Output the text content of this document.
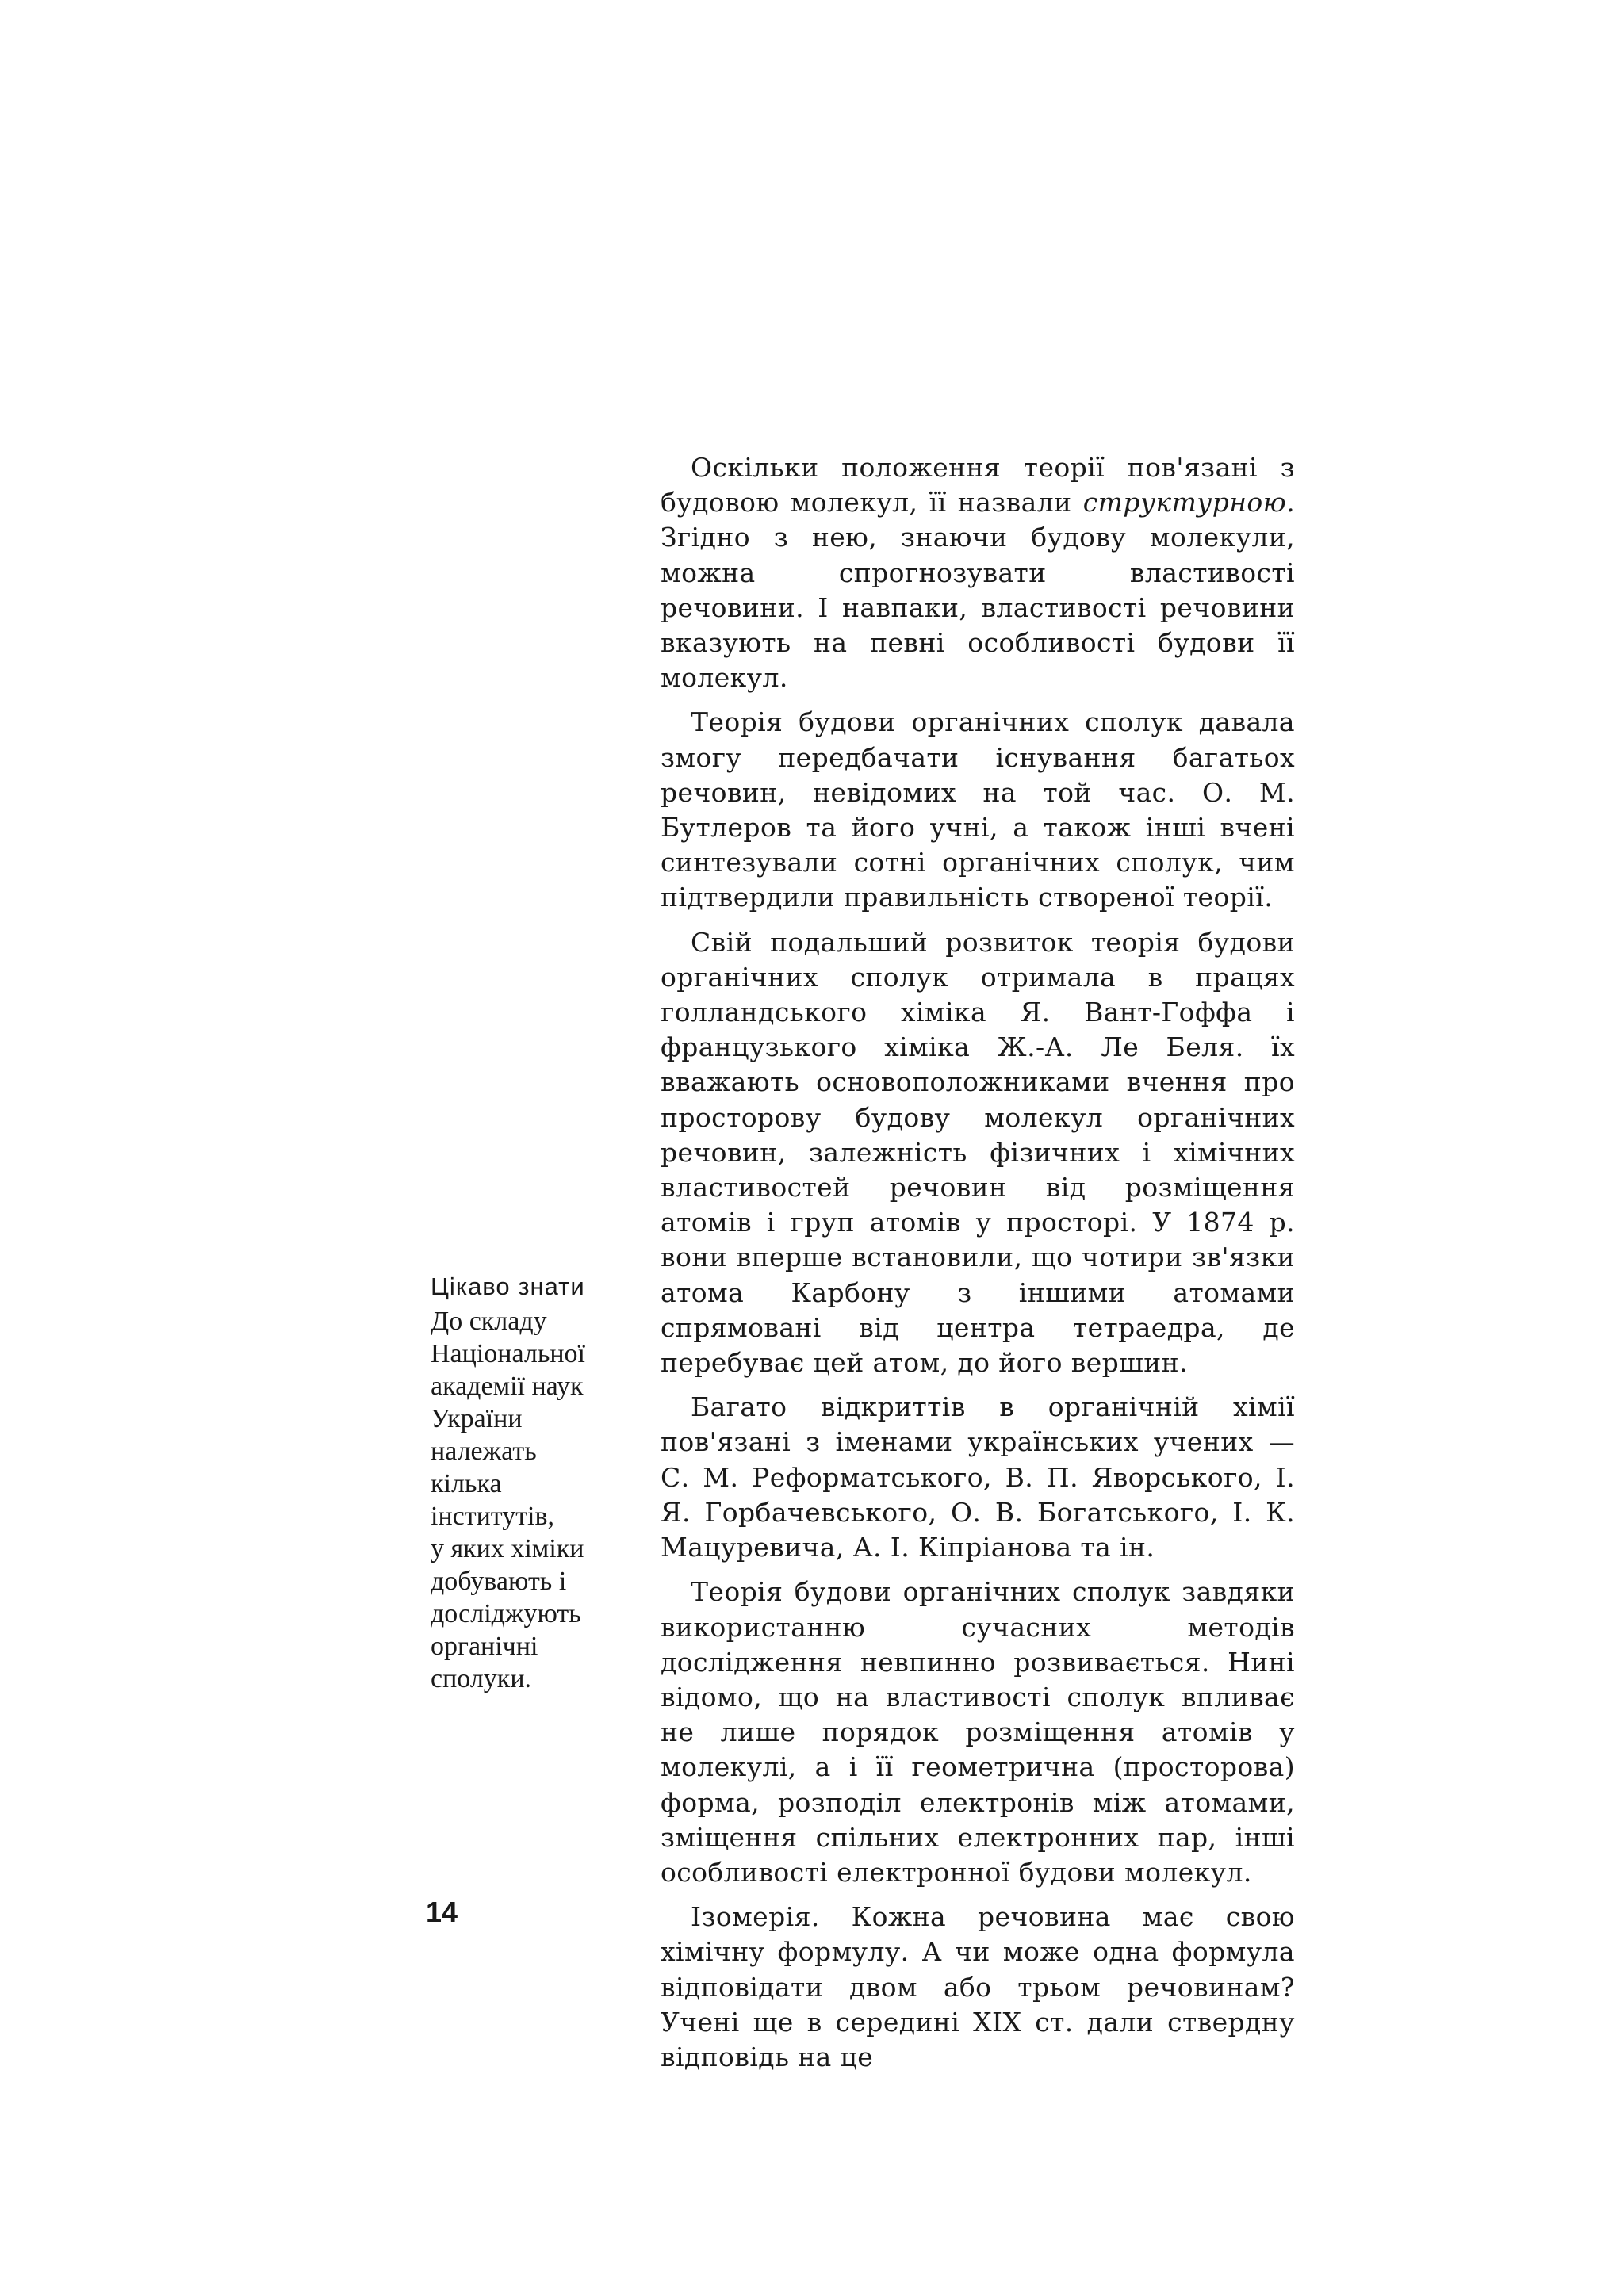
Цікаво знати

До складу
Національної
академії наук
України
належать
кілька
інститутів,
у яких хіміки
добувають і
досліджують
органічні
сполуки.

Оскільки положення теорії пов'язані з будовою молекул, її назвали структурною. Згідно з нею, знаючи будову молекули, можна спрогнозувати властивості речовини. І навпаки, властивості речовини вказують на певні особливості будови її молекул.

Теорія будови органічних сполук давала змогу передбачати існування багатьох речовин, невідомих на той час. О. М. Бутлеров та його учні, а також інші вчені синтезували сотні органічних сполук, чим підтвердили правильність створеної теорії.

Свій подальший розвиток теорія будови органічних сполук отримала в працях голландського хіміка Я. Вант-Гоффа і французького хіміка Ж.-А. Ле Беля. їх вважають основоположниками вчення про просторову будову молекул органічних речовин, залежність фізичних і хімічних властивостей речовин від розміщення атомів і груп атомів у просторі. У 1874 р. вони вперше встановили, що чотири зв'язки атома Карбону з іншими атомами спрямовані від центра тетраедра, де перебуває цей атом, до його вершин.

Багато відкриттів в органічній хімії пов'язані з іменами українських учених — С. М. Реформатського, В. П. Яворського, І. Я. Горбачевського, О. В. Богатського, І. К. Мацуревича, А. І. Кіпріанова та ін.

Теорія будови органічних сполук завдяки використанню сучасних методів дослідження невпинно розвивається. Нині відомо, що на властивості сполук впливає не лише порядок розміщення атомів у молекулі, а і її геометрична (просторова) форма, розподіл електронів між атомами, зміщення спільних електронних пар, інші особливості електронної будови молекул.

Ізомерія. Кожна речовина має свою хімічну формулу. А чи може одна формула відповідати двом або трьом речовинам? Учені ще в середині XIX ст. дали ствердну відповідь на це

14
